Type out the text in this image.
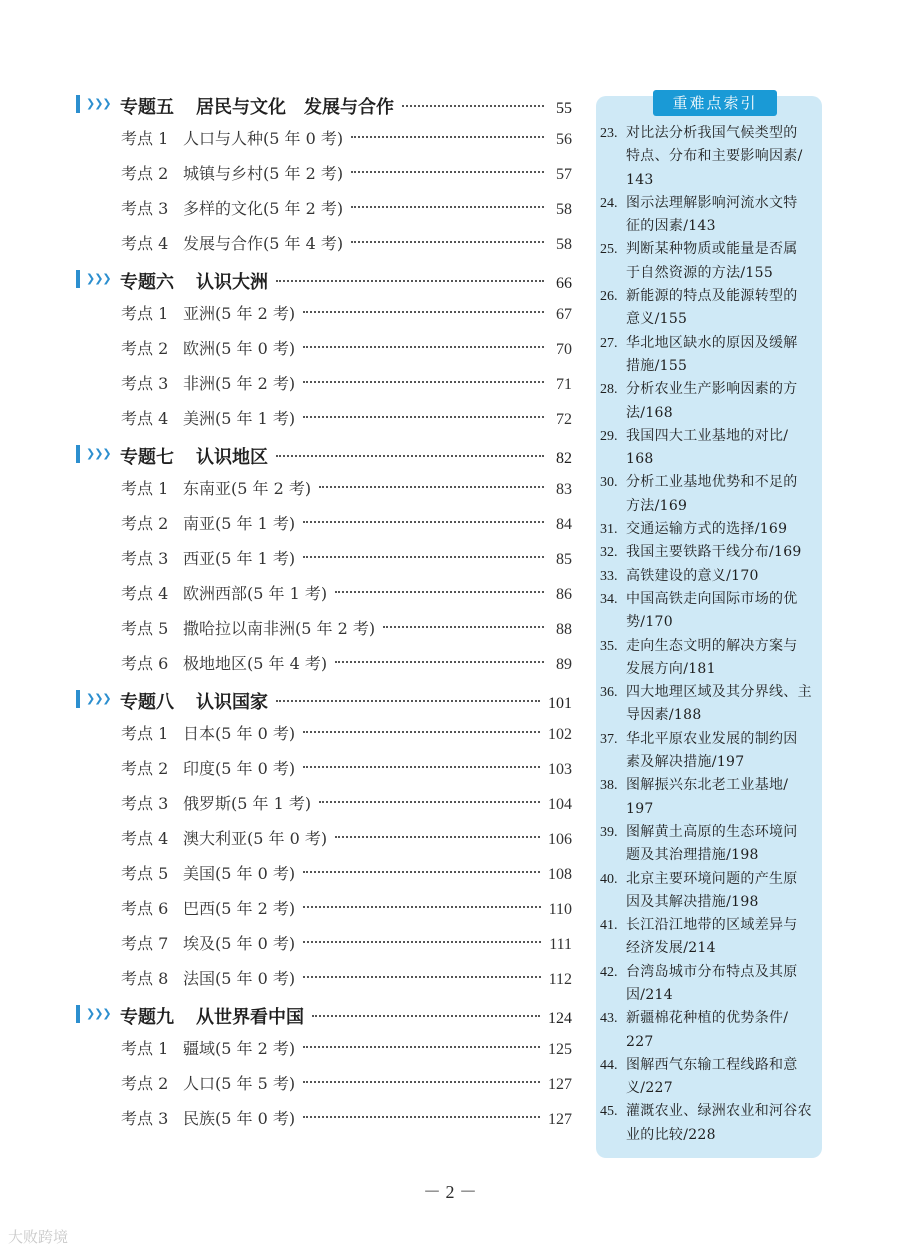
❯❯❯ 专题五 居民与文化　发展与合作	55
考点 1 人口与人种(5 年 0 考)	56
考点 2 城镇与乡村(5 年 2 考)	57
考点 3 多样的文化(5 年 2 考)	58
考点 4 发展与合作(5 年 4 考)	58
❯❯❯ 专题六 认识大洲	66
考点 1 亚洲(5 年 2 考)	67
考点 2 欧洲(5 年 0 考)	70
考点 3 非洲(5 年 2 考)	71
考点 4 美洲(5 年 1 考)	72
❯❯❯ 专题七 认识地区	82
考点 1 东南亚(5 年 2 考)	83
考点 2 南亚(5 年 1 考)	84
考点 3 西亚(5 年 1 考)	85
考点 4 欧洲西部(5 年 1 考)	86
考点 5 撒哈拉以南非洲(5 年 2 考)	88
考点 6 极地地区(5 年 4 考)	89
❯❯❯ 专题八 认识国家	101
考点 1 日本(5 年 0 考)	102
考点 2 印度(5 年 0 考)	103
考点 3 俄罗斯(5 年 1 考)	104
考点 4 澳大利亚(5 年 0 考)	106
考点 5 美国(5 年 0 考)	108
考点 6 巴西(5 年 2 考)	110
考点 7 埃及(5 年 0 考)	111
考点 8 法国(5 年 0 考)	112
❯❯❯ 专题九 从世界看中国	124
考点 1 疆域(5 年 2 考)	125
考点 2 人口(5 年 5 考)	127
考点 3 民族(5 年 0 考)	127
重难点索引
23. 对比法分析我国气候类型的
特点、分布和主要影响因素/
143
24. 图示法理解影响河流水文特
征的因素/143
25. 判断某种物质或能量是否属
于自然资源的方法/155
26. 新能源的特点及能源转型的
意义/155
27. 华北地区缺水的原因及缓解
措施/155
28. 分析农业生产影响因素的方
法/168
29. 我国四大工业基地的对比/
168
30. 分析工业基地优势和不足的
方法/169
31. 交通运输方式的选择/169
32. 我国主要铁路干线分布/169
33. 高铁建设的意义/170
34. 中国高铁走向国际市场的优
势/170
35. 走向生态文明的解决方案与
发展方向/181
36. 四大地理区域及其分界线、主
导因素/188
37. 华北平原农业发展的制约因
素及解决措施/197
38. 图解振兴东北老工业基地/
197
39. 图解黄土高原的生态环境问
题及其治理措施/198
40. 北京主要环境问题的产生原
因及其解决措施/198
41. 长江沿江地带的区域差异与
经济发展/214
42. 台湾岛城市分布特点及其原
因/214
43. 新疆棉花种植的优势条件/
227
44. 图解西气东输工程线路和意
义/227
45. 灌溉农业、绿洲农业和河谷农
业的比较/228
－ 2 －
大败跨境
